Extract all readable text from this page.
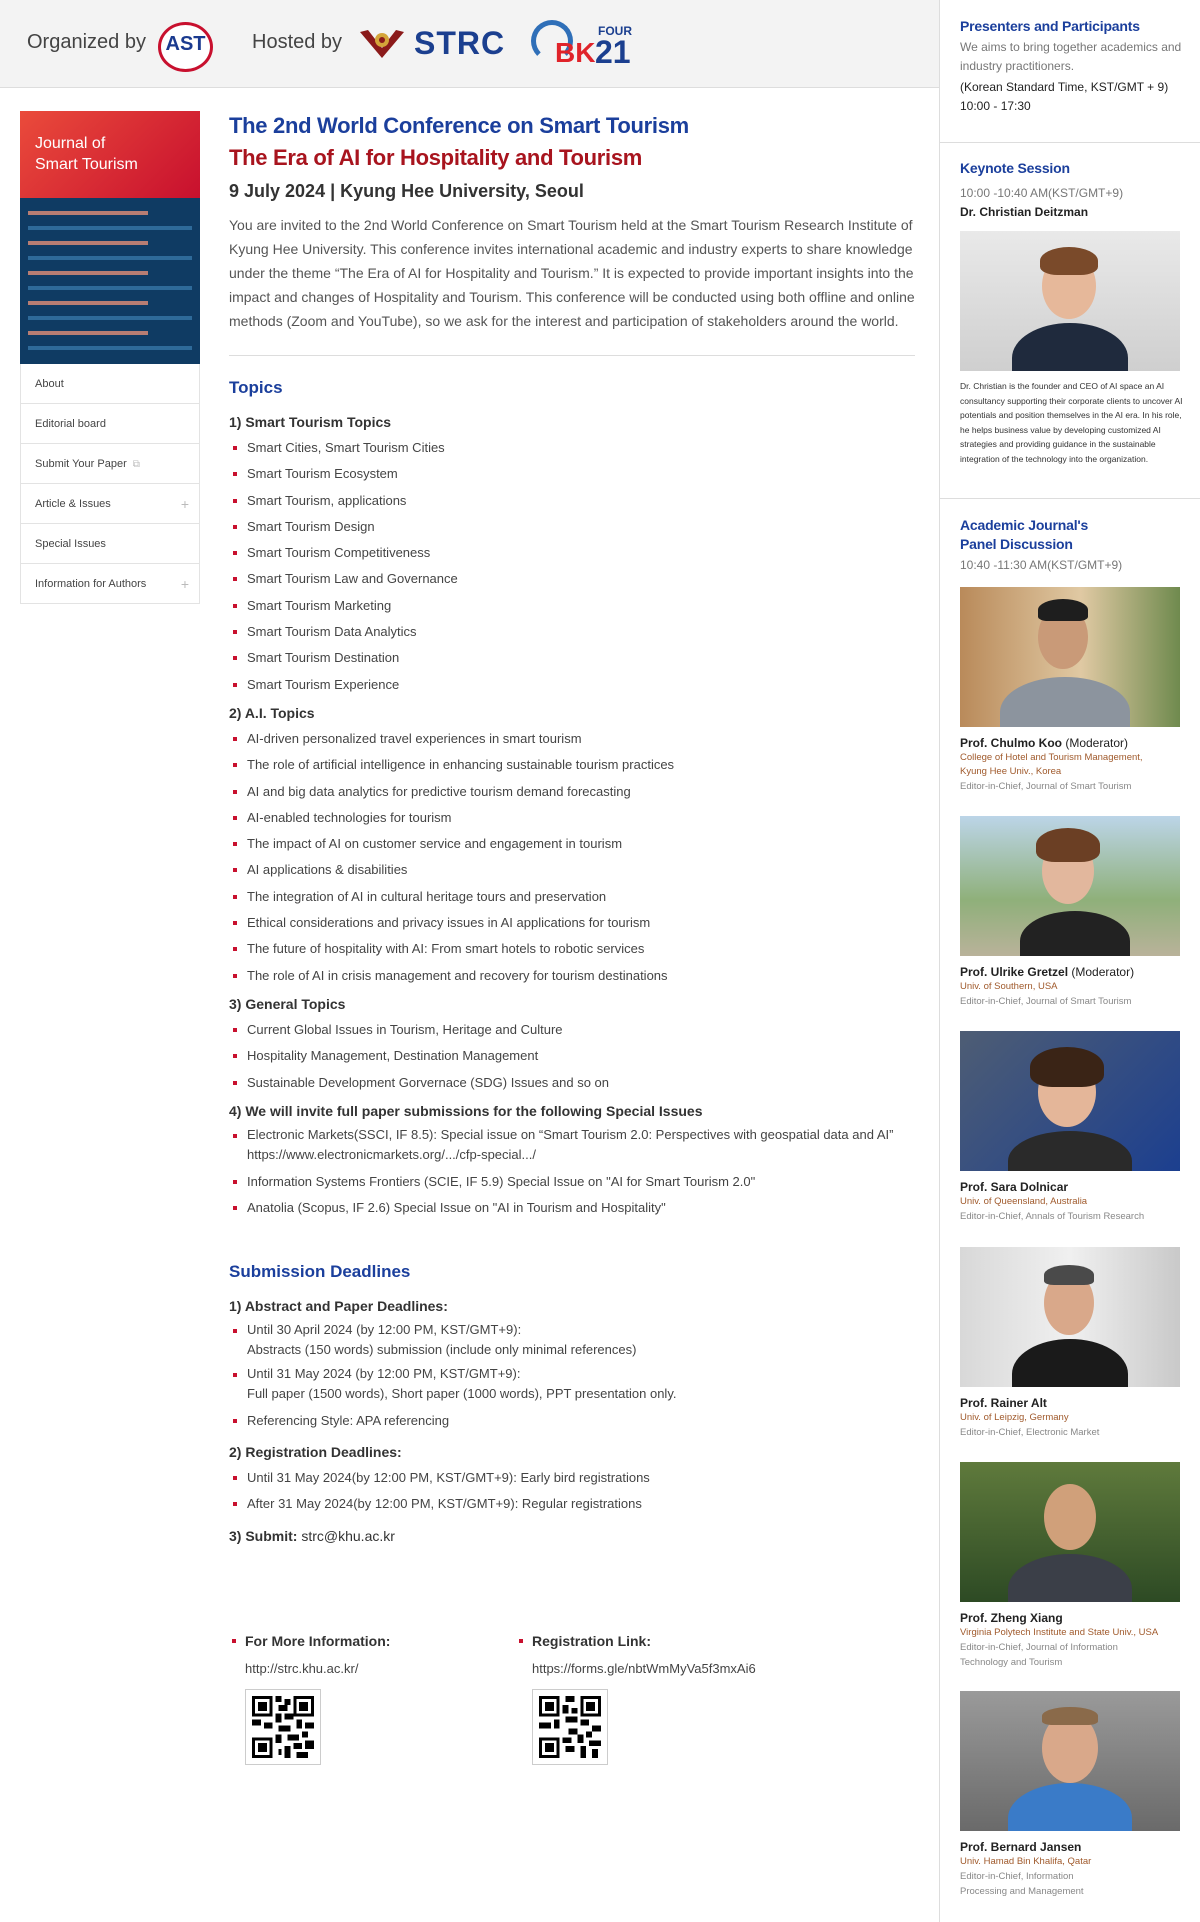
Organized by AST Hosted by STRC	FOUR
BK 21
Journal of
Smart Tourism
About
Editorial board
Submit Your Paper ⧉
Article & Issues	+
Special Issues
Information for Authors +
The 2nd World Conference on Smart Tourism
The Era of AI for Hospitality and Tourism
9 July 2024 | Kyung Hee University, Seoul

You are invited to the 2nd World Conference on Smart Tourism held at the Smart Tourism Research Institute of Kyung Hee University. This conference invites international academic and industry experts to share knowledge under the theme “The Era of AI for Hospitality and Tourism.” It is expected to provide important insights into the impact and changes of Hospitality and Tourism. This conference will be conducted using both offline and online methods (Zoom and YouTube), so we ask for the interest and participation of stakeholders around the world.

Topics
1) Smart Tourism Topics
Smart Cities, Smart Tourism Cities
Smart Tourism Ecosystem
Smart Tourism, applications
Smart Tourism Design
Smart Tourism Competitiveness
Smart Tourism Law and Governance
Smart Tourism Marketing
Smart Tourism Data Analytics
Smart Tourism Destination
Smart Tourism Experience
2) A.I. Topics
AI-driven personalized travel experiences in smart tourism
The role of artificial intelligence in enhancing sustainable tourism practices
AI and big data analytics for predictive tourism demand forecasting
AI-enabled technologies for tourism
The impact of AI on customer service and engagement in tourism
AI applications & disabilities
The integration of AI in cultural heritage tours and preservation
Ethical considerations and privacy issues in AI applications for tourism
The future of hospitality with AI: From smart hotels to robotic services
The role of AI in crisis management and recovery for tourism destinations
3) General Topics
Current Global Issues in Tourism, Heritage and Culture
Hospitality Management, Destination Management
Sustainable Development Gorvernace (SDG) Issues and so on
4) We will invite full paper submissions for the following Special Issues
Electronic Markets(SSCI, IF 8.5): Special issue on “Smart Tourism 2.0: Perspectives with geospatial data and AI” https://www.electronicmarkets.org/.../cfp-special.../
Information Systems Frontiers (SCIE, IF 5.9) Special Issue on "AI for Smart Tourism 2.0"
Anatolia (Scopus, IF 2.6) Special Issue on "AI in Tourism and Hospitality"
Submission Deadlines
1) Abstract and Paper Deadlines:
Until 30 April 2024 (by 12:00 PM, KST/GMT+9):
Abstracts (150 words) submission (include only minimal references)
Until 31 May 2024 (by 12:00 PM, KST/GMT+9):
Full paper (1500 words), Short paper (1000 words), PPT presentation only.
Referencing Style: APA referencing
2) Registration Deadlines:
Until 31 May 2024(by 12:00 PM, KST/GMT+9): Early bird registrations
After 31 May 2024(by 12:00 PM, KST/GMT+9): Regular registrations
3) Submit: strc@khu.ac.kr
For More Information:
http://strc.khu.ac.kr/
Registration Link:
https://forms.gle/nbtWmMyVa5f3mxAi6
Presenters and Participants
We aims to bring together academics and industry practitioners.
(Korean Standard Time, KST/GMT + 9)
10:00 - 17:30
Keynote Session
10:00 -10:40 AM(KST/GMT+9)
Dr. Christian Deitzman
Dr. Christian is the founder and CEO of AI space an AI consultancy supporting their corporate clients to uncover AI potentials and position themselves in the AI era. In his role, he helps business value by developing customized AI strategies and providing guidance in the sustainable integration of the technology into the organization.
Academic Journal's
Panel Discussion
10:40 -11:30 AM(KST/GMT+9)
Prof. Chulmo Koo (Moderator)
College of Hotel and Tourism Management, Kyung Hee Univ., Korea
Editor-in-Chief, Journal of Smart Tourism
Prof. Ulrike Gretzel (Moderator)
Univ. of Southern, USA
Editor-in-Chief, Journal of Smart Tourism
Prof. Sara Dolnicar
Univ. of Queensland, Australia
Editor-in-Chief, Annals of Tourism Research
Prof. Rainer Alt
Univ. of Leipzig, Germany
Editor-in-Chief, Electronic Market
Prof. Zheng Xiang
Virginia Polytech Institute and State Univ., USA
Editor-in-Chief, Journal of Information Technology and Tourism
Prof. Bernard Jansen
Univ. Hamad Bin Khalifa, Qatar
Editor-in-Chief, Information Processing and Management
